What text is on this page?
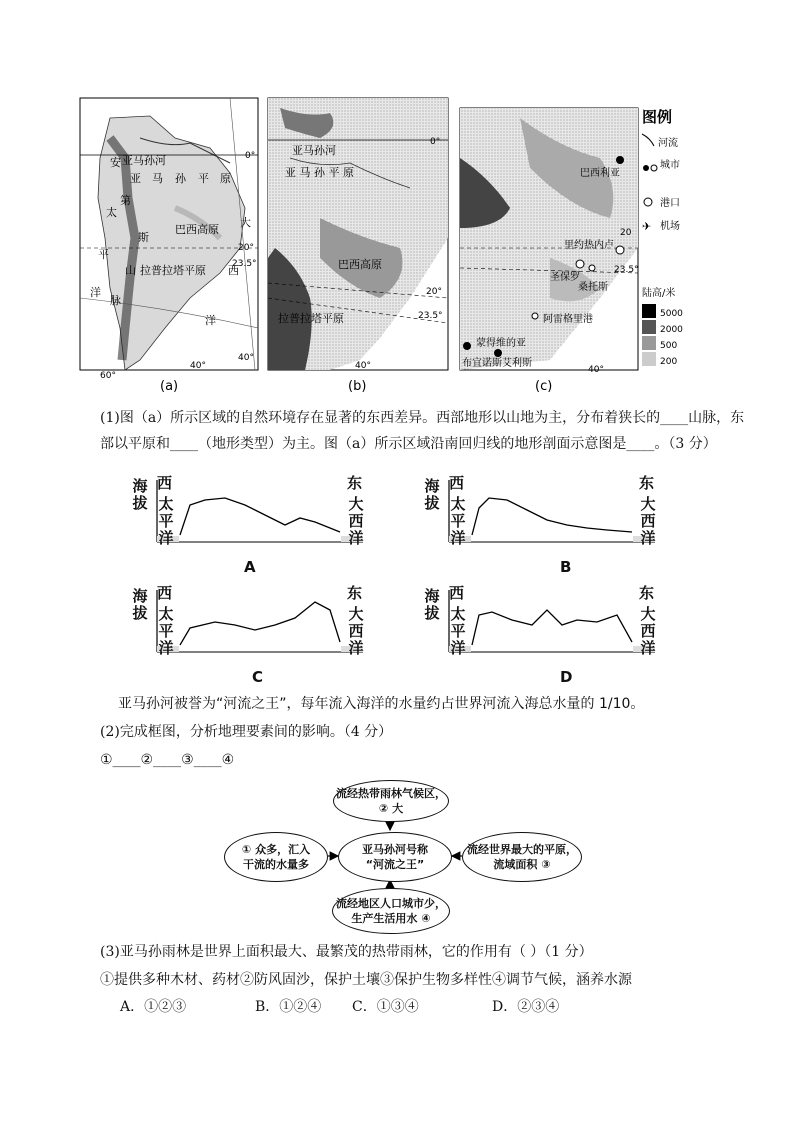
安 亚马孙河
亚 马 孙 平 原
第
太
斯
巴西高原
平
山 拉普拉塔平原 西
洋
脉
大
洋
0°
20°
23.5°
40°
40°
60°
(a)
亚马孙河
亚 马 孙 平 原
巴西高原
拉普拉塔平原
0°
20°
23.5°
40°
(b)
巴西利亚
里约热内卢
圣保罗
桑托斯
阿雷格里港
蒙得维的亚
布宜诺斯艾利斯
20
23.5°
40°
(c)
图例
河流
城市
港口
✈ 机场
陆高/米
5000
2000
500
200
(1)图（a）所示区域的自然环境存在显著的东西差异。西部地形以山地为主，分布着狭长的____山脉，东
部以平原和____（地形类型）为主。图（a）所示区域沿南回归线的地形剖面示意图是____。（3 分）
海
拔
西	东
太
平
洋
大
西
洋
A
海
拔
西	东
太
平
洋
大
西
洋
B
海
拔
西	东
太
平
洋
大
西
洋
C
海
拔
西	东
太
平
洋
大
西
洋
D
亚马孙河被誉为“河流之王”，每年流入海洋的水量约占世界河流入海总水量的 1/10。
(2)完成框图，分析地理要素间的影响。（4 分）
①____②____③____④
流经热带雨林气候区，
② 大
亚马孙河号称
“河流之王”
① 众多，汇入
干流的水量多
流经世界最大的平原，
流域面积 ③
流经地区人口城市少，
生产生活用水 ④
(3)亚马孙雨林是世界上面积最大、最繁茂的热带雨林，它的作用有（ ）（1 分）
①提供多种木材、药材②防风固沙，保护土壤③保护生物多样性④调节气候，涵养水源
A．①②③	B．①②④ C．①③④	D．②③④
